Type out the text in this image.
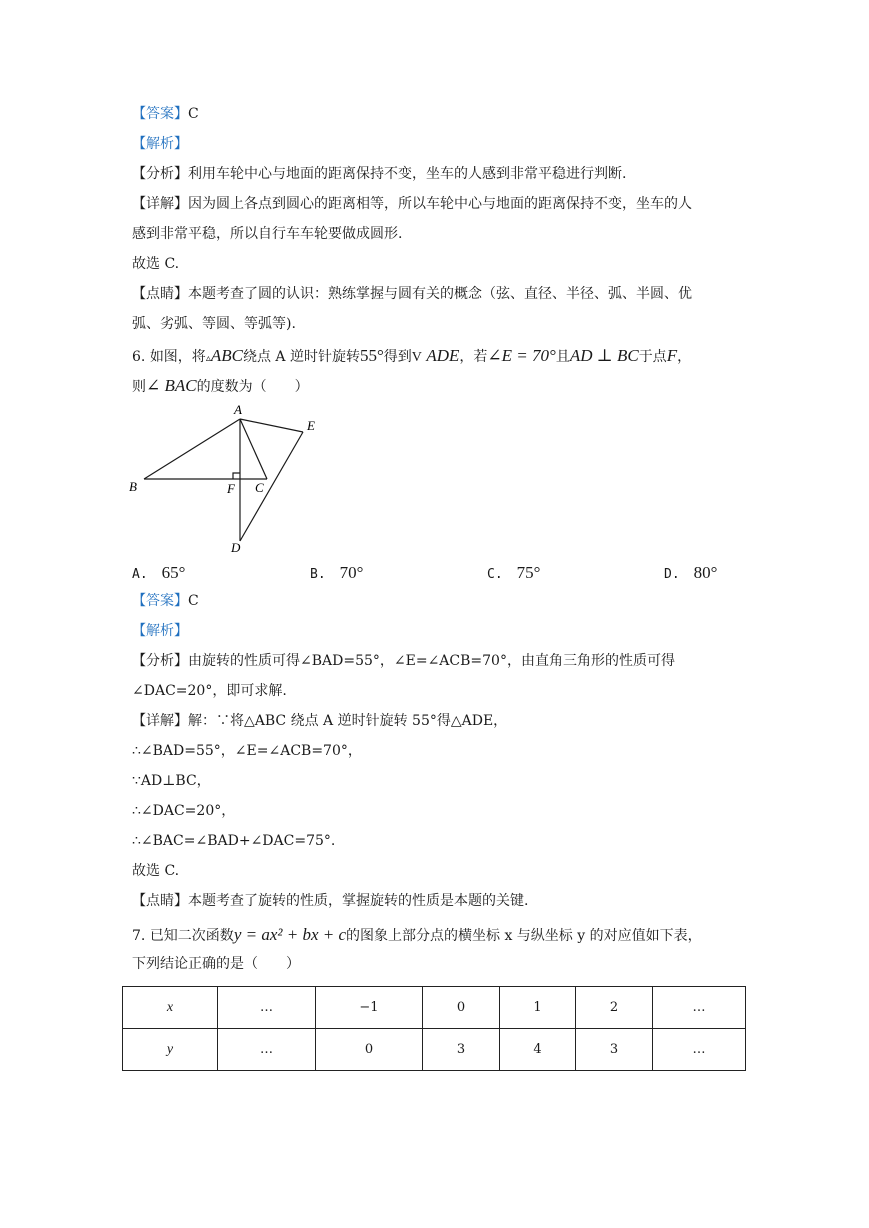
【答案】C
【解析】
【分析】利用车轮中心与地面的距离保持不变，坐车的人感到非常平稳进行判断.
【详解】因为圆上各点到圆心的距离相等，所以车轮中心与地面的距离保持不变，坐车的人
感到非常平稳，所以自行车车轮要做成圆形.
故选 C.
【点睛】本题考查了圆的认识：熟练掌握与圆有关的概念（弦、直径、半径、弧、半圆、优
弧、劣弧、等圆、等弧等).
6. 如图，将▵ABC绕点 A 逆时针旋转55°得到V ADE，若∠E = 70°且AD ⊥ BC于点F，
则∠ BAC的度数为（　　）
A
B	C
D
E
F
A. 65°	B. 70°	C. 75°	D. 80°
【答案】C
【解析】
【分析】由旋转的性质可得∠BAD=55°，∠E=∠ACB=70°，由直角三角形的性质可得
∠DAC=20°，即可求解.
【详解】解：∵将△ABC 绕点 A 逆时针旋转 55°得△ADE，
∴∠BAD=55°，∠E=∠ACB=70°，
∵AD⊥BC，
∴∠DAC=20°，
∴∠BAC=∠BAD+∠DAC=75°.
故选 C.
【点睛】本题考查了旋转的性质，掌握旋转的性质是本题的关键.
7. 已知二次函数y = ax² + bx + c的图象上部分点的横坐标 x 与纵坐标 y 的对应值如下表，
下列结论正确的是（　　）
x	…	−1	0	1	2	…
y	…	0	3	4	3	…
